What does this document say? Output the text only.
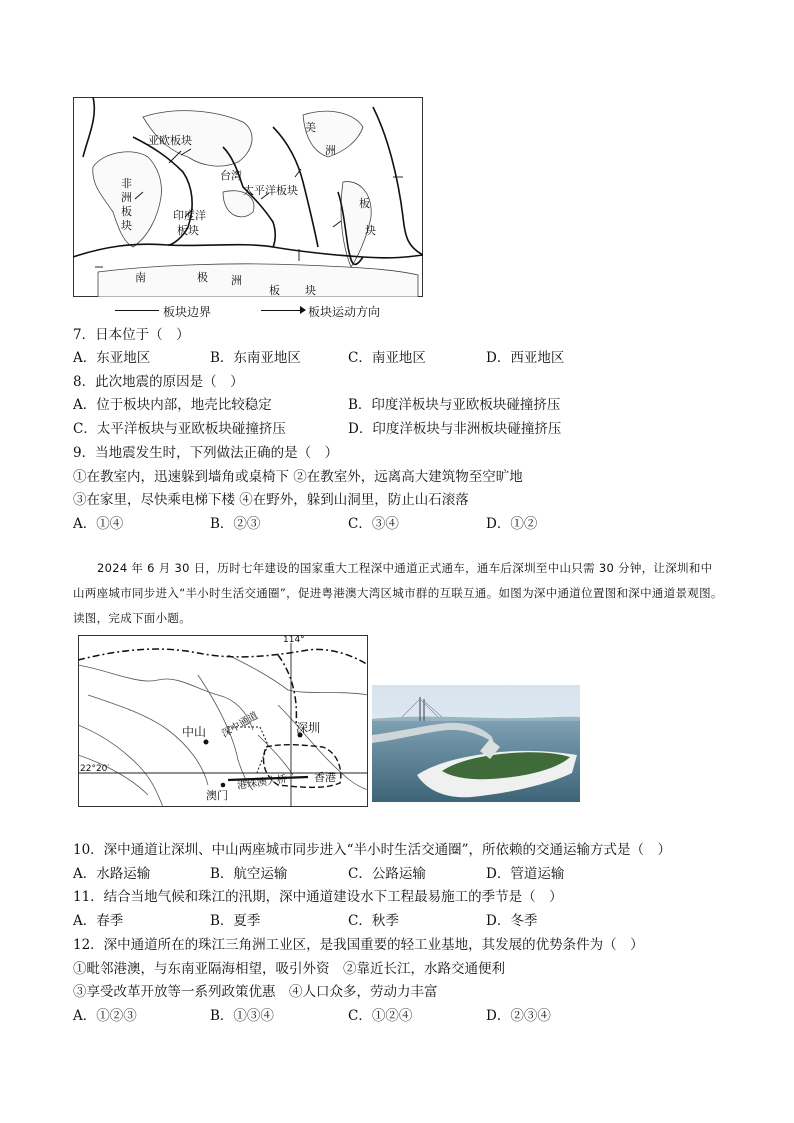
亚欧板块
美
洲
非
洲
板
块
台湾
太平洋板块
印度洋
板块
板
块
南	极 洲
板 块
板块边界	板块运动方向
7．日本位于（　）
A．东亚地区	B．东南亚地区	C．南亚地区	D．西亚地区
8．此次地震的原因是（　）
A．位于板块内部，地壳比较稳定	B．印度洋板块与亚欧板块碰撞挤压
C．太平洋板块与亚欧板块碰撞挤压	D．印度洋板块与非洲板块碰撞挤压
9．当地震发生时，下列做法正确的是（　）
①在教室内，迅速躲到墙角或桌椅下 ②在教室外，远离高大建筑物至空旷地
③在家里，尽快乘电梯下楼 ④在野外，躲到山洞里，防止山石滚落
A．①④	B．②③	C．③④	D．①②
2024 年 6 月 30 日，历时七年建设的国家重大工程深中通道正式通车，通车后深圳至中山只需 30 分钟，让深圳和中山两座城市同步进入“半小时生活交通圈”，促进粤港澳大湾区城市群的互联互通。如图为深中通道位置图和深中通道景观图。读图，完成下面小题。
114°
22°20′
中山 深中通道	深圳
香港
澳门
港珠澳大桥
10．深中通道让深圳、中山两座城市同步进入“半小时生活交通圈”，所依赖的交通运输方式是（　）
A．水路运输	B．航空运输	C．公路运输	D．管道运输
11．结合当地气候和珠江的汛期，深中通道建设水下工程最易施工的季节是（　）
A．春季	B．夏季	C．秋季	D．冬季
12．深中通道所在的珠江三角洲工业区，是我国重要的轻工业基地，其发展的优势条件为（　）
①毗邻港澳，与东南亚隔海相望，吸引外资　②靠近长江，水路交通便利
③享受改革开放等一系列政策优惠　④人口众多，劳动力丰富
A．①②③	B．①③④	C．①②④	D．②③④
